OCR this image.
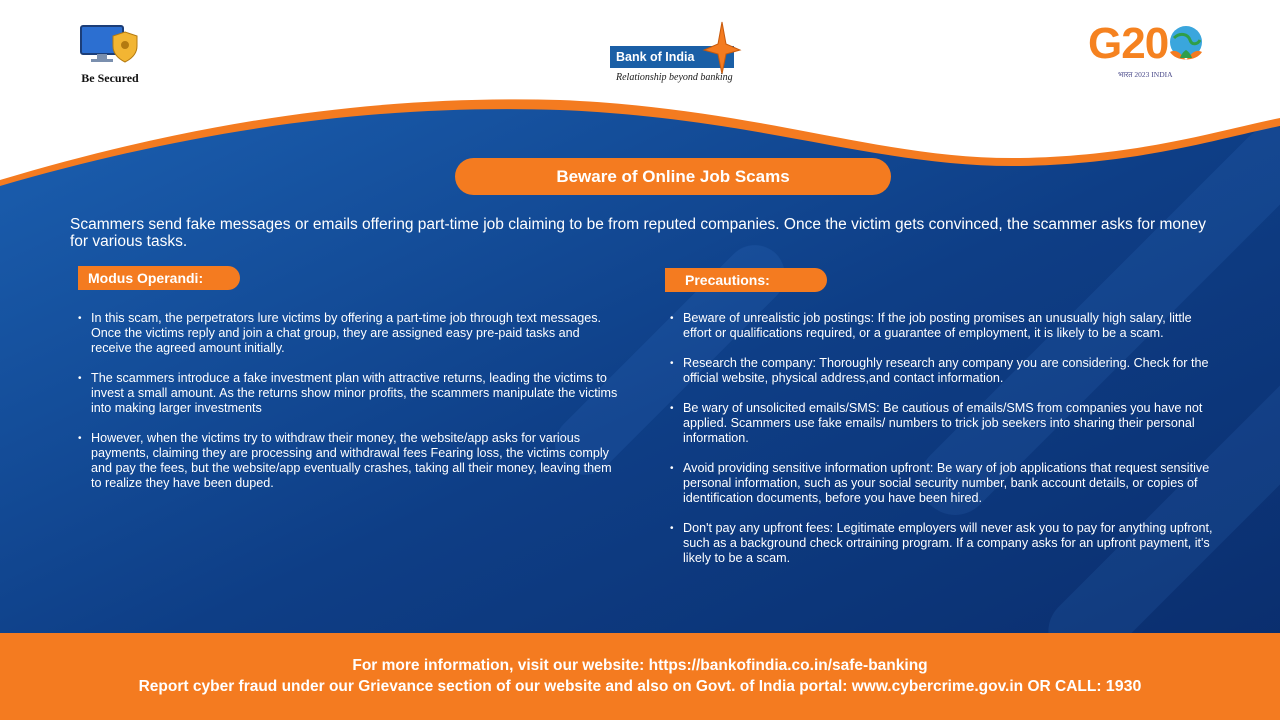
Be Secured
Bank of India
Relationship beyond banking
G20
भारत 2023 INDIA
Beware of Online Job Scams

Scammers send fake messages or emails offering part-time job claiming to be from reputed companies. Once the victim gets convinced, the scammer asks for money for various tasks.

Modus Operandi:
• In this scam, the perpetrators lure victims by offering a part-time job through text messages. Once the victims reply and join a chat group, they are assigned easy pre-paid tasks and receive the agreed amount initially.
• The scammers introduce a fake investment plan with attractive returns, leading the victims to invest a small amount. As the returns show minor profits, the scammers manipulate the victims into making larger investments
• However, when the victims try to withdraw their money, the website/app asks for various payments, claiming they are processing and withdrawal fees Fearing loss, the victims comply and pay the fees, but the website/app eventually crashes, taking all their money, leaving them to realize they have been duped.
Precautions:
• Beware of unrealistic job postings: If the job posting promises an unusually high salary, little effort or qualifications required, or a guarantee of employment, it is likely to be a scam.
• Research the company: Thoroughly research any company you are considering. Check for the official website, physical address,and contact information.
• Be wary of unsolicited emails/SMS: Be cautious of emails/SMS from companies you have not applied. Scammers use fake emails/ numbers to trick job seekers into sharing their personal information.
• Avoid providing sensitive information upfront: Be wary of job applications that request sensitive personal information, such as your social security number, bank account details, or copies of identification documents, before you have been hired.
• Don't pay any upfront fees: Legitimate employers will never ask you to pay for anything upfront, such as a background check ortraining program. If a company asks for an upfront payment, it's likely to be a scam.
For more information, visit our website: https://bankofindia.co.in/safe-banking
Report cyber fraud under our Grievance section of our website and also on Govt. of India portal: www.cybercrime.gov.in OR CALL: 1930
